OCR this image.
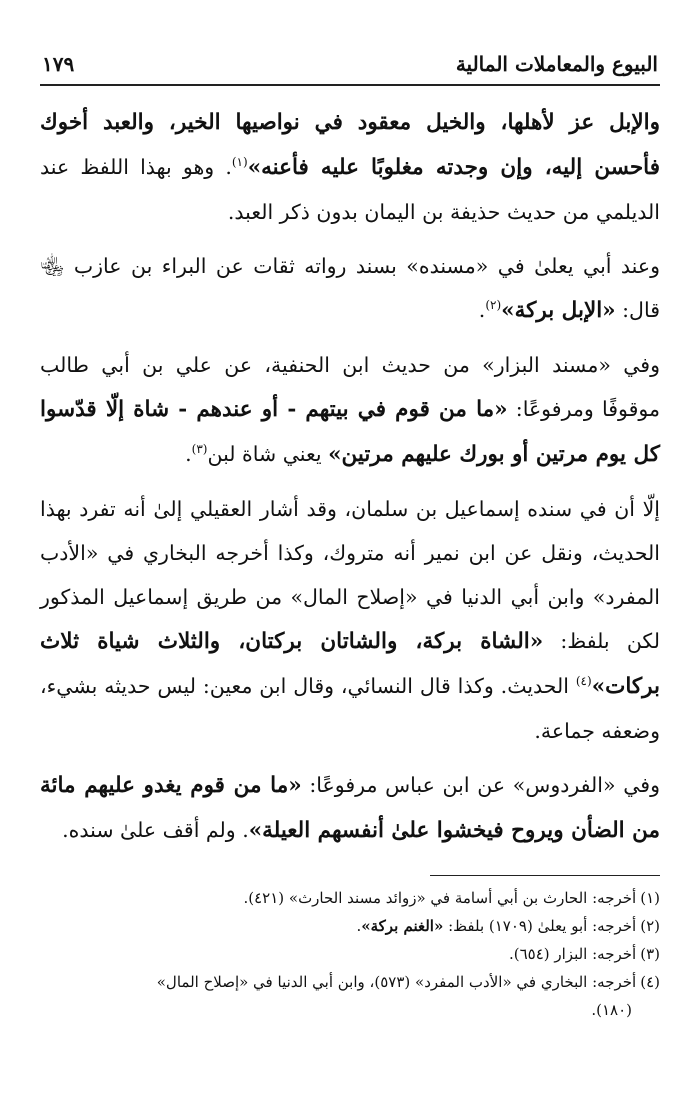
البيوع والمعاملات المالية
١٧٩

والإبل عز لأهلها، والخيل معقود في نواصيها الخير، والعبد أخوك فأحسن إليه، وإن وجدته مغلوبًا عليه فأعنه»$^{(١)}$. وهو بهذا اللفظ عند الديلمي من حديث حذيفة بن اليمان بدون ذكر العبد.

وعند أبي يعلىٰ في «مسنده» بسند رواته ثقات عن البراء بن عازب ﵄ قال: «الإبل بركة»$^{(٢)}$.

وفي «مسند البزار» من حديث ابن الحنفية، عن علي بن أبي طالب موقوفًا ومرفوعًا: «ما من قوم في بيتهم - أو عندهم - شاة إلّا قدّسوا كل يوم مرتين أو بورك عليهم مرتين» يعني شاة لبن$^{(٣)}$.

إلّا أن في سنده إسماعيل بن سلمان، وقد أشار العقيلي إلىٰ أنه تفرد بهذا الحديث، ونقل عن ابن نمير أنه متروك، وكذا أخرجه البخاري في «الأدب المفرد» وابن أبي الدنيا في «إصلاح المال» من طريق إسماعيل المذكور لكن بلفظ: «الشاة بركة، والشاتان بركتان، والثلاث شياة ثلاث بركات»$^{(٤)}$ الحديث. وكذا قال النسائي، وقال ابن معين: ليس حديثه بشيء، وضعفه جماعة.

وفي «الفردوس» عن ابن عباس مرفوعًا: «ما من قوم يغدو عليهم مائة من الضأن ويروح فيخشوا علىٰ أنفسهم العيلة». ولم أقف علىٰ سنده.

(١)أخرجه: الحارث بن أبي أسامة في «زوائد مسند الحارث» (٤٢١).
(٢)أخرجه: أبو يعلىٰ (١٧٠٩) بلفظ: «الغنم بركة».
(٣)أخرجه: البزار (٦٥٤).
(٤)أخرجه: البخاري في «الأدب المفرد» (٥٧٣)، وابن أبي الدنيا في «إصلاح المال»
(١٨٠).
